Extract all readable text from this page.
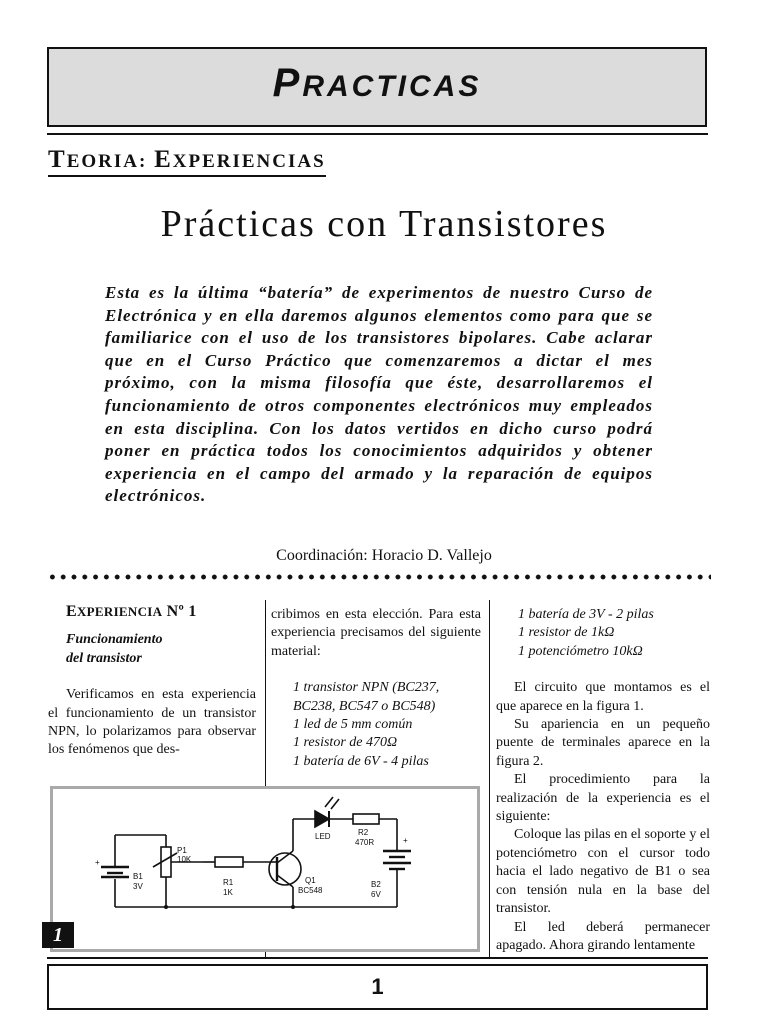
PRACTICAS
TEORIA: EXPERIENCIAS
Prácticas con Transistores
Esta es la última “batería” de experimentos de nuestro Curso de Electrónica y en ella daremos algunos elementos como para que se familiarice con el uso de los transistores bipolares. Cabe aclarar que en el Curso Práctico que comenzaremos a dictar el mes próximo, con la misma filosofía que éste, desarrollaremos el funcionamiento de otros componentes electrónicos muy empleados en esta disciplina. Con los datos vertidos en dicho curso podrá poner en práctica todos los conocimientos adquiridos y obtener experiencia en el campo del armado y la reparación de equipos electrónicos.
Coordinación: Horacio D. Vallejo
EXPERIENCIA Nº 1
Funcionamiento
del transistor
Verificamos en esta experiencia el funcionamiento de un transistor NPN, lo polarizamos para observar los fenómenos que des-
cribimos en esta elección. Para esta experiencia precisamos del siguiente material:
1 transistor NPN (BC237, BC238, BC547 o BC548)
1 led de 5 mm común
1 resistor de 470Ω
1 batería de 6V - 4 pilas
1 batería de 3V - 2 pilas
1 resistor de 1kΩ
1 potenciómetro 10kΩ
El circuito que montamos es el que aparece en la figura 1.
Su apariencia en un pequeño puente de terminales aparece en la figura 2.
El procedimiento para la realización de la experiencia es el siguiente:
Coloque las pilas en el soporte y el potenciómetro con el cursor todo hacia el lado negativo de B1 o sea con tensión nula en la base del transistor.
El led deberá permanecer apagado. Ahora girando lentamente
+
B1
3V
P1
10K
R1
1K
Q1
BC548
LED	R2
470R	+
B2
6V
1
1
